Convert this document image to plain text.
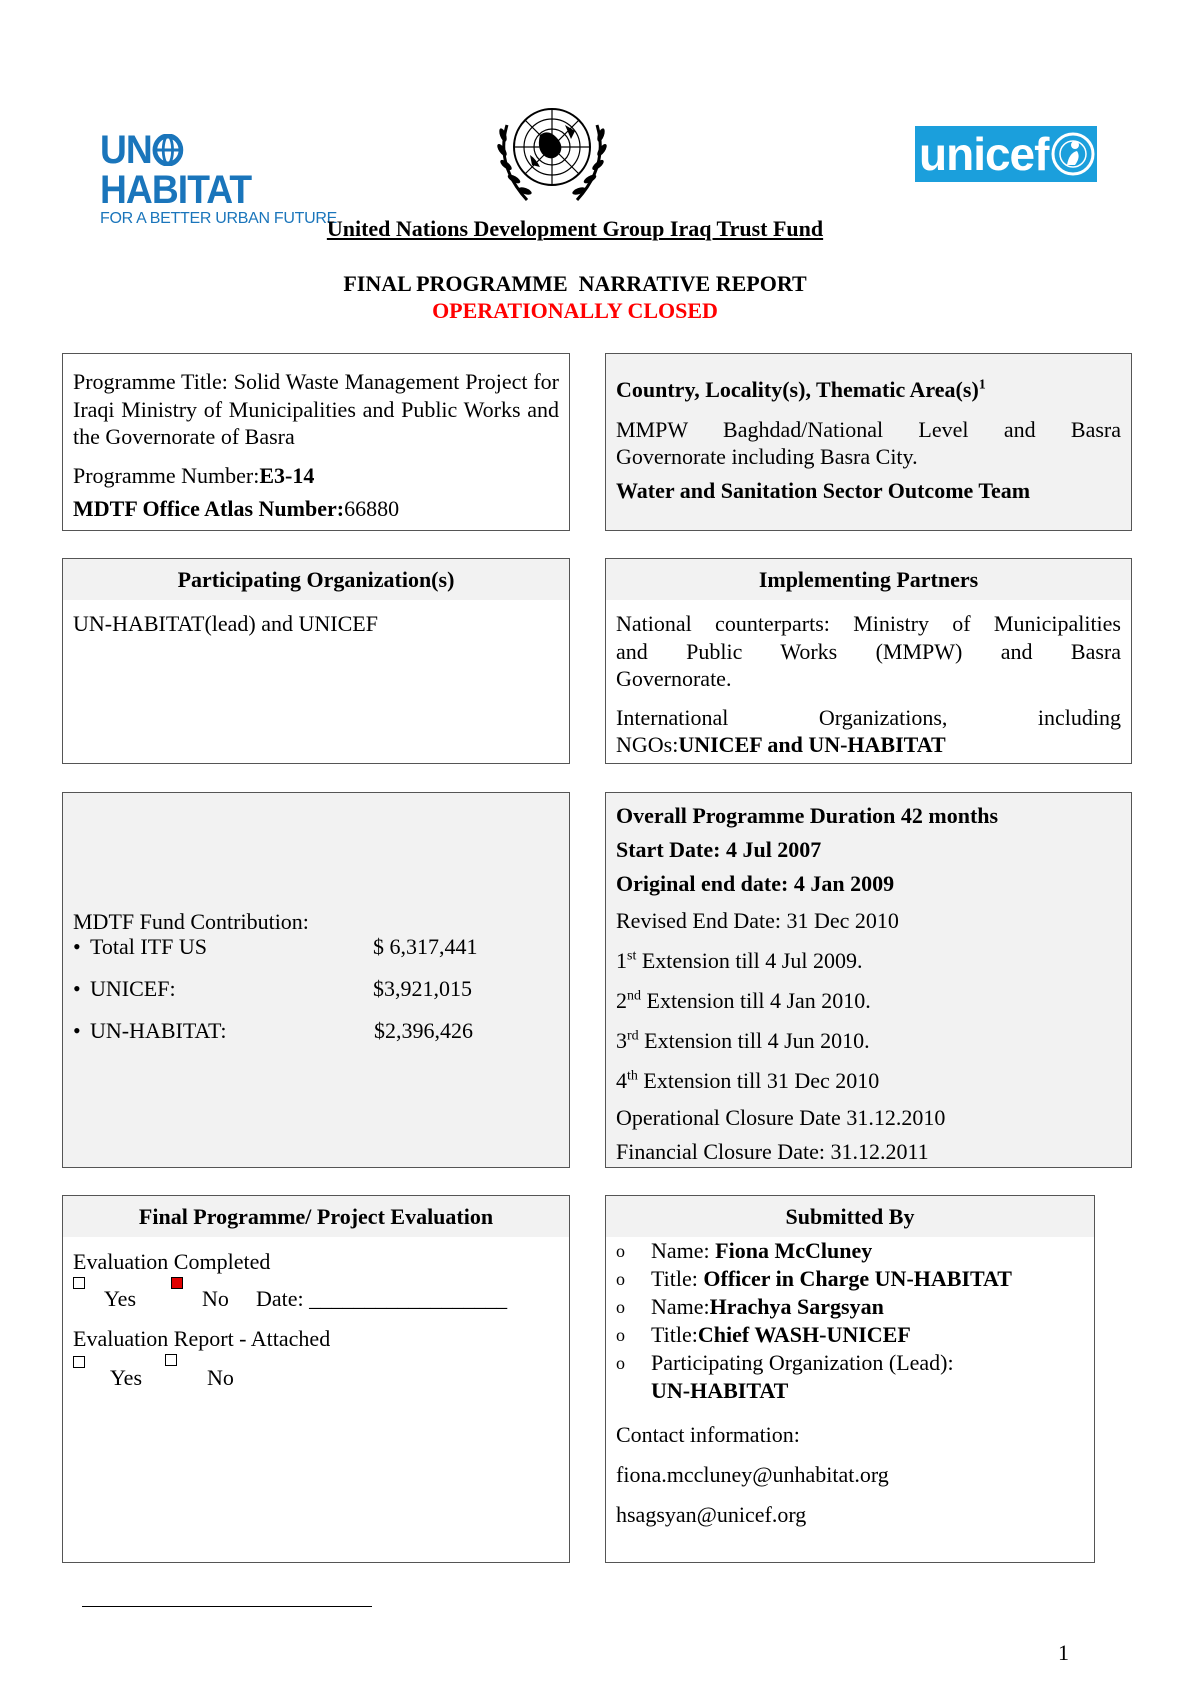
UNHABITAT
FOR A BETTER URBAN FUTURE
unicef
United Nations Development Group Iraq Trust Fund
FINAL PROGRAMME  NARRATIVE REPORT
OPERATIONALLY CLOSED

Programme Title: Solid Waste Management Project for Iraqi Ministry of Municipalities and Public Works and the Governorate of Basra

Programme Number:E3-14

MDTF Office Atlas Number:66880

Country, Locality(s), Thematic $Area(s)^1$

MMPW Baghdad/National Level and Basra

Governorate including Basra City.

Water and Sanitation Sector Outcome Team

Participating Organization(s)
UN-HABITAT(lead) and UNICEF
Implementing Partners

National counterparts: Ministry of Municipalities

and Public Works (MMPW) and Basra

Governorate.

International Organizations, including

NGOs:UNICEF and UN-HABITAT

MDTF Fund Contribution:

• Total ITF US	$ 6,317,441
• UNICEF:	$3,921,015
• UN-HABITAT:	$2,396,426

Overall Programme Duration 42 months

Start Date: 4 Jul 2007

Original end date: 4 Jan 2009

Revised End Date: 31 Dec 2010

1st Extension till 4 Jul 2009.

2nd Extension till 4 Jan 2010.

3rd Extension till 4 Jun 2010.

4th Extension till 31 Dec 2010

Operational Closure Date 31.12.2010

Financial Closure Date: 31.12.2011

Final Programme/ Project Evaluation

Evaluation Completed

Yes	No Date: __________________

Evaluation Report - Attached

Yes	No
Submitted By
o Name: Fiona McCluney
o Title: Officer in Charge UN-HABITAT
o Name:Hrachya Sargsyan
o Title:Chief WASH-UNICEF
o Participating Organization (Lead):
UN-HABITAT

Contact information:

fiona.mccluney@unhabitat.org

hsagsyan@unicef.org

1
